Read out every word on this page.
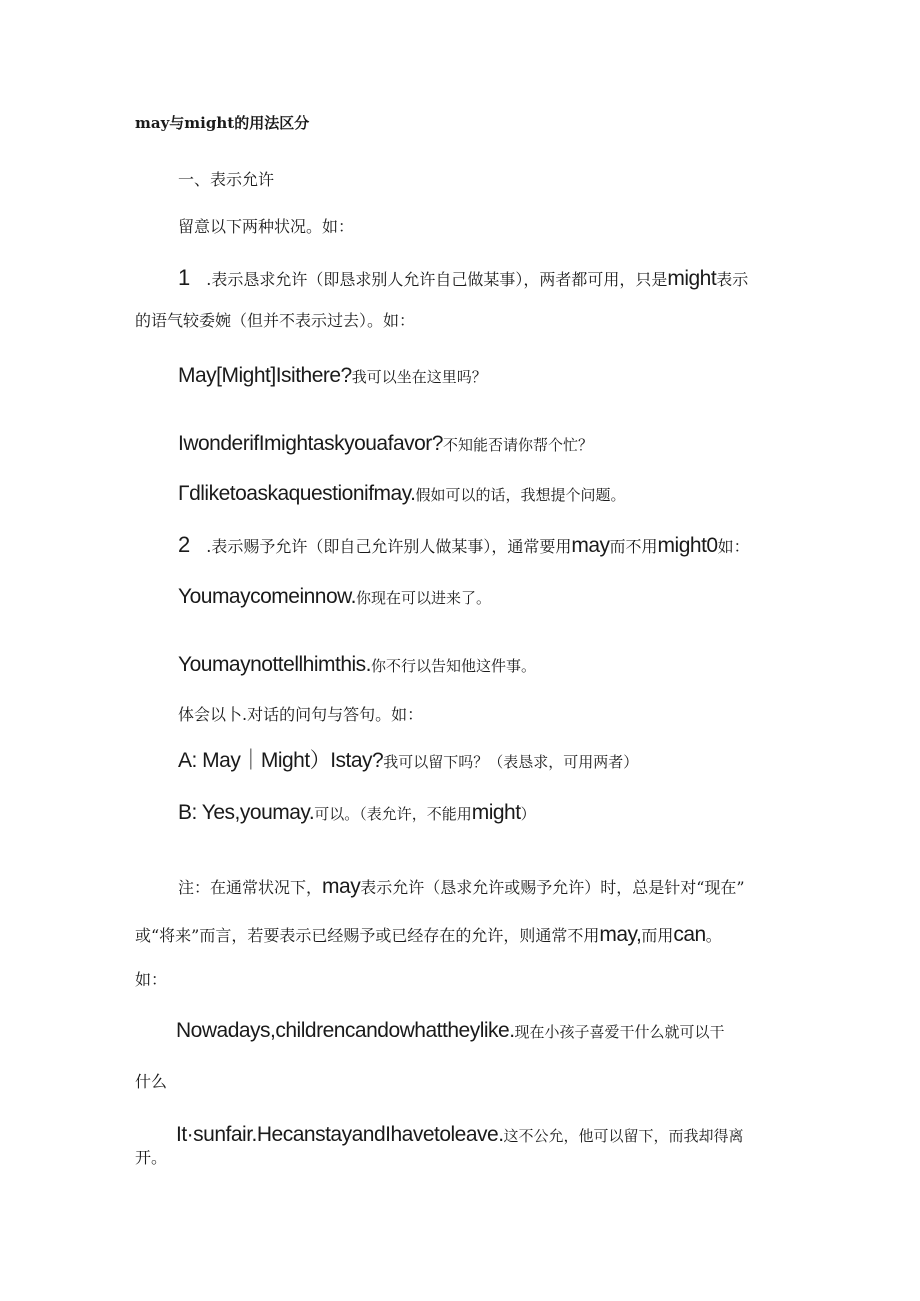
may与might的用法区分
一、表示允许
留意以下两种状况。如：
1 .表示恳求允许（即恳求别人允许自己做某事），两者都可用，只是might表示
的语气较委婉（但并不表示过去）。如：
May[Might]Isithere?我可以坐在这里吗？
IwonderifImightaskyouafavor?不知能否请你帮个忙？
Γdliketoaskaquestionifmay.假如可以的话，我想提个问题。
2 .表示赐予允许（即自己允许别人做某事），通常要用may而不用might0如：
Youmaycomeinnow.你现在可以进来了。
Youmaynottellhimthis.你不行以告知他这件事。
体会以卜.对话的问句与答句。如：
A: May｜Might）Istay?我可以留下吗？（表恳求，可用两者）
B: Yes,youmay.可以。（表允许，不能用might）
注：在通常状况下，may表示允许（恳求允许或赐予允许）时，总是针对“现在”
或“将来”而言，若要表示已经赐予或已经存在的允许，则通常不用may,而用can。
如：
Nowadays,childrencandowhattheylike.现在小孩子喜爱干什么就可以干
什么
It·sunfair.HecanstayandIhavetoleave.这不公允，他可以留下，而我却得离
开。
